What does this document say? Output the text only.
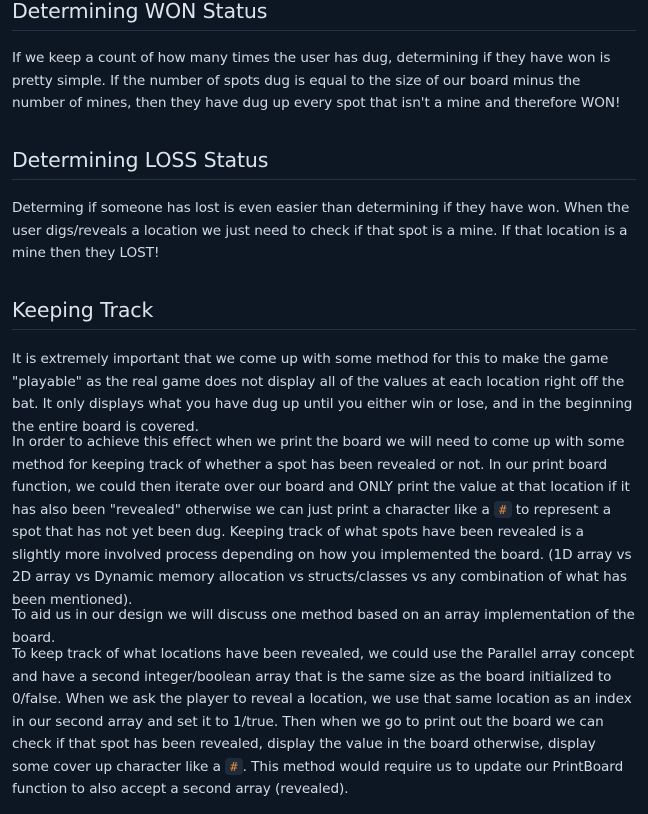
Determining WON Status

If we keep a count of how many times the user has dug, determining if they have won is pretty simple. If the number of spots dug is equal to the size of our board minus the number of mines, then they have dug up every spot that isn't a mine and therefore WON!

Determining LOSS Status

Determing if someone has lost is even easier than determining if they have won. When the user digs/reveals a location we just need to check if that spot is a mine. If that location is a mine then they LOST!

Keeping Track

It is extremely important that we come up with some method for this to make the game "playable" as the real game does not display all of the values at each location right off the bat. It only displays what you have dug up until you either win or lose, and in the beginning the entire board is covered.

In order to achieve this effect when we print the board we will need to come up with some method for keeping track of whether a spot has been revealed or not. In our print board function, we could then iterate over our board and ONLY print the value at that location if it has also been "revealed" otherwise we can just print a character like a # to represent a spot that has not yet been dug. Keeping track of what spots have been revealed is a slightly more involved process depending on how you implemented the board. (1D array vs 2D array vs Dynamic memory allocation vs structs/classes vs any combination of what has been mentioned).

To aid us in our design we will discuss one method based on an array implementation of the board.

To keep track of what locations have been revealed, we could use the Parallel array concept and have a second integer/boolean array that is the same size as the board initialized to 0/false. When we ask the player to reveal a location, we use that same location as an index in our second array and set it to 1/true. Then when we go to print out the board we can check if that spot has been revealed, display the value in the board otherwise, display some cover up character like a # . This method would require us to update our PrintBoard function to also accept a second array (revealed).
